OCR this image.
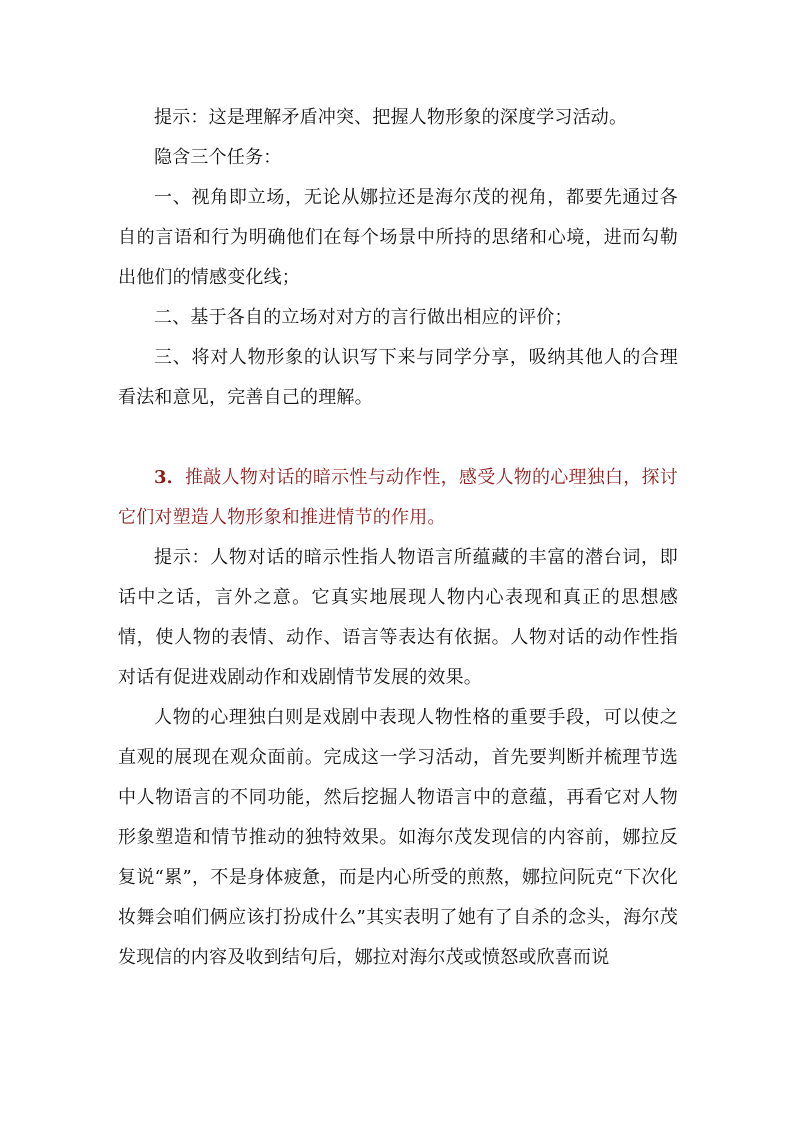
提示：这是理解矛盾冲突、把握人物形象的深度学习活动。

隐含三个任务：

一、视角即立场，无论从娜拉还是海尔茂的视角，都要先通过各自的言语和行为明确他们在每个场景中所持的思绪和心境，进而勾勒出他们的情感变化线；

二、基于各自的立场对对方的言行做出相应的评价；

三、将对人物形象的认识写下来与同学分享，吸纳其他人的合理看法和意见，完善自己的理解。

3．推敲人物对话的暗示性与动作性，感受人物的心理独白，探讨它们对塑造人物形象和推进情节的作用。

提示：人物对话的暗示性指人物语言所蕴藏的丰富的潜台词，即话中之话，言外之意。它真实地展现人物内心表现和真正的思想感情，使人物的表情、动作、语言等表达有依据。人物对话的动作性指对话有促进戏剧动作和戏剧情节发展的效果。

人物的心理独白则是戏剧中表现人物性格的重要手段，可以使之直观的展现在观众面前。完成这一学习活动，首先要判断并梳理节选中人物语言的不同功能，然后挖掘人物语言中的意蕴，再看它对人物形象塑造和情节推动的独特效果。如海尔茂发现信的内容前，娜拉反复说“累”，不是身体疲惫，而是内心所受的煎熬，娜拉问阮克“下次化妆舞会咱们俩应该打扮成什么”其实表明了她有了自杀的念头，海尔茂发现信的内容及收到结句后，娜拉对海尔茂或愤怒或欣喜而说
